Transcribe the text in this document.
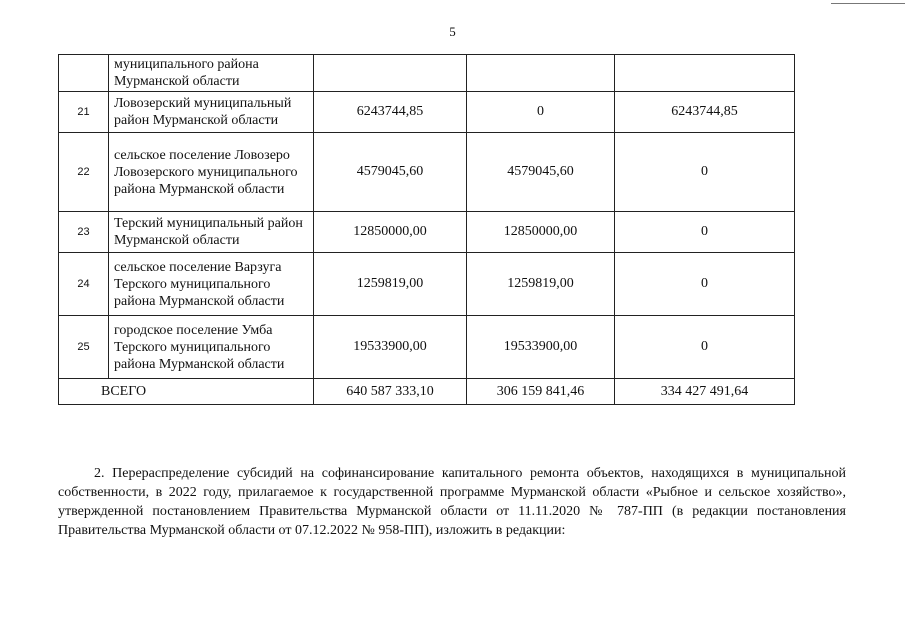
5
	муниципального района Мурманской области			
21	Ловозерский муниципальный район Мурманской области	6243744,85	0	6243744,85
22	сельское поселение Ловозеро Ловозерского муниципального района Мурманской области	4579045,60	4579045,60	0
23	Терский муниципальный район Мурманской области	12850000,00	12850000,00	0
24	сельское поселение Варзуга Терского муниципального района Мурманской области	1259819,00	1259819,00	0
25	городское поселение Умба Терского муниципального района Мурманской области	19533900,00	19533900,00	0
ВСЕГО		640 587 333,10	306 159 841,46	334 427 491,64

2. Перераспределение субсидий на софинансирование капитального ремонта объектов, находящихся в муниципальной собственности, в 2022 году, прилагаемое к государственной программе Мурманской области «Рыбное и сельское хозяйство», утвержденной постановлением Правительства Мурманской области от 11.11.2020 № 787-ПП (в редакции постановления Правительства Мурманской области от 07.12.2022 № 958-ПП), изложить в редакции:
